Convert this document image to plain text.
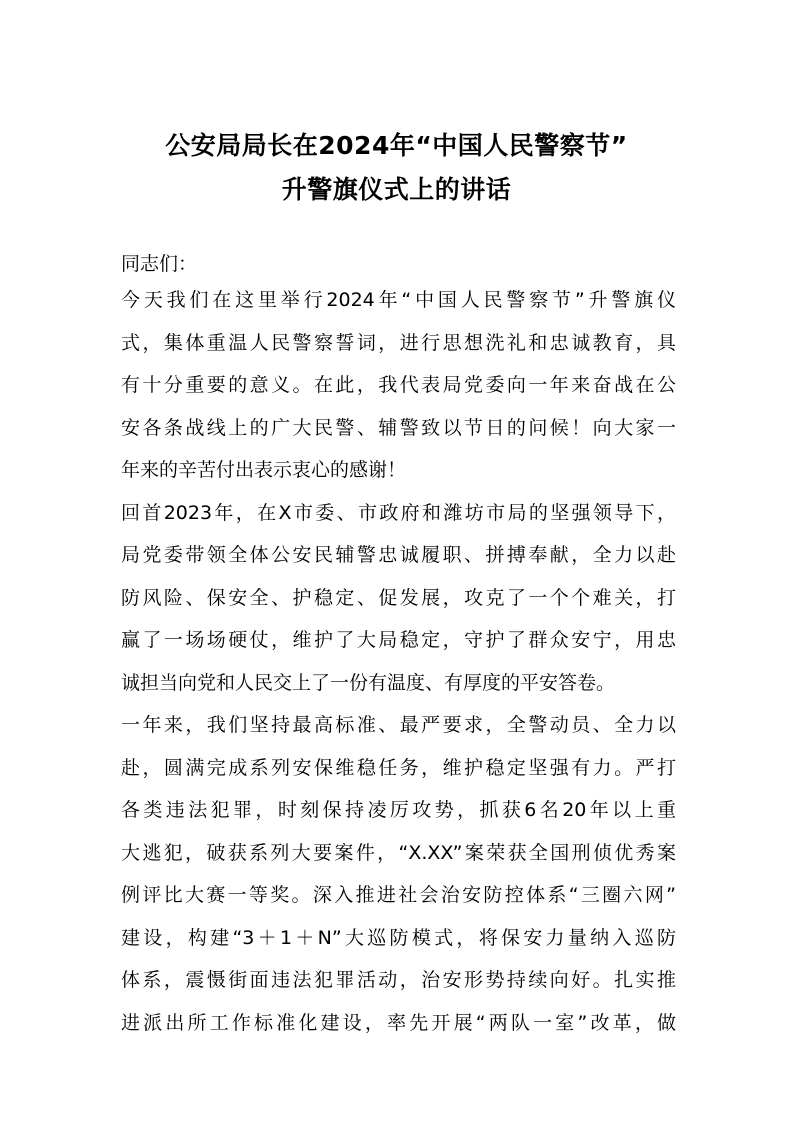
公安局局长在2024年“中国人民警察节”
升警旗仪式上的讲话
同志们：
今天我们在这里举行2024年“中国人民警察节”升警旗仪
式，集体重温人民警察誓词，进行思想洗礼和忠诚教育，具
有十分重要的意义。在此，我代表局党委向一年来奋战在公
安各条战线上的广大民警、辅警致以节日的问候！向大家一
年来的辛苦付出表示衷心的感谢！
回首2023年，在X市委、市政府和潍坊市局的坚强领导下，
局党委带领全体公安民辅警忠诚履职、拼搏奉献，全力以赴
防风险、保安全、护稳定、促发展，攻克了一个个难关，打
赢了一场场硬仗，维护了大局稳定，守护了群众安宁，用忠
诚担当向党和人民交上了一份有温度、有厚度的平安答卷。
一年来，我们坚持最高标准、最严要求，全警动员、全力以
赴，圆满完成系列安保维稳任务，维护稳定坚强有力。严打
各类违法犯罪，时刻保持凌厉攻势，抓获6名20年以上重
大逃犯，破获系列大要案件，“X.XX”案荣获全国刑侦优秀案
例评比大赛一等奖。深入推进社会治安防控体系“三圈六网”
建设，构建“3＋1＋N”大巡防模式，将保安力量纳入巡防
体系，震慑街面违法犯罪活动，治安形势持续向好。扎实推
进派出所工作标准化建设，率先开展“两队一室”改革，做
